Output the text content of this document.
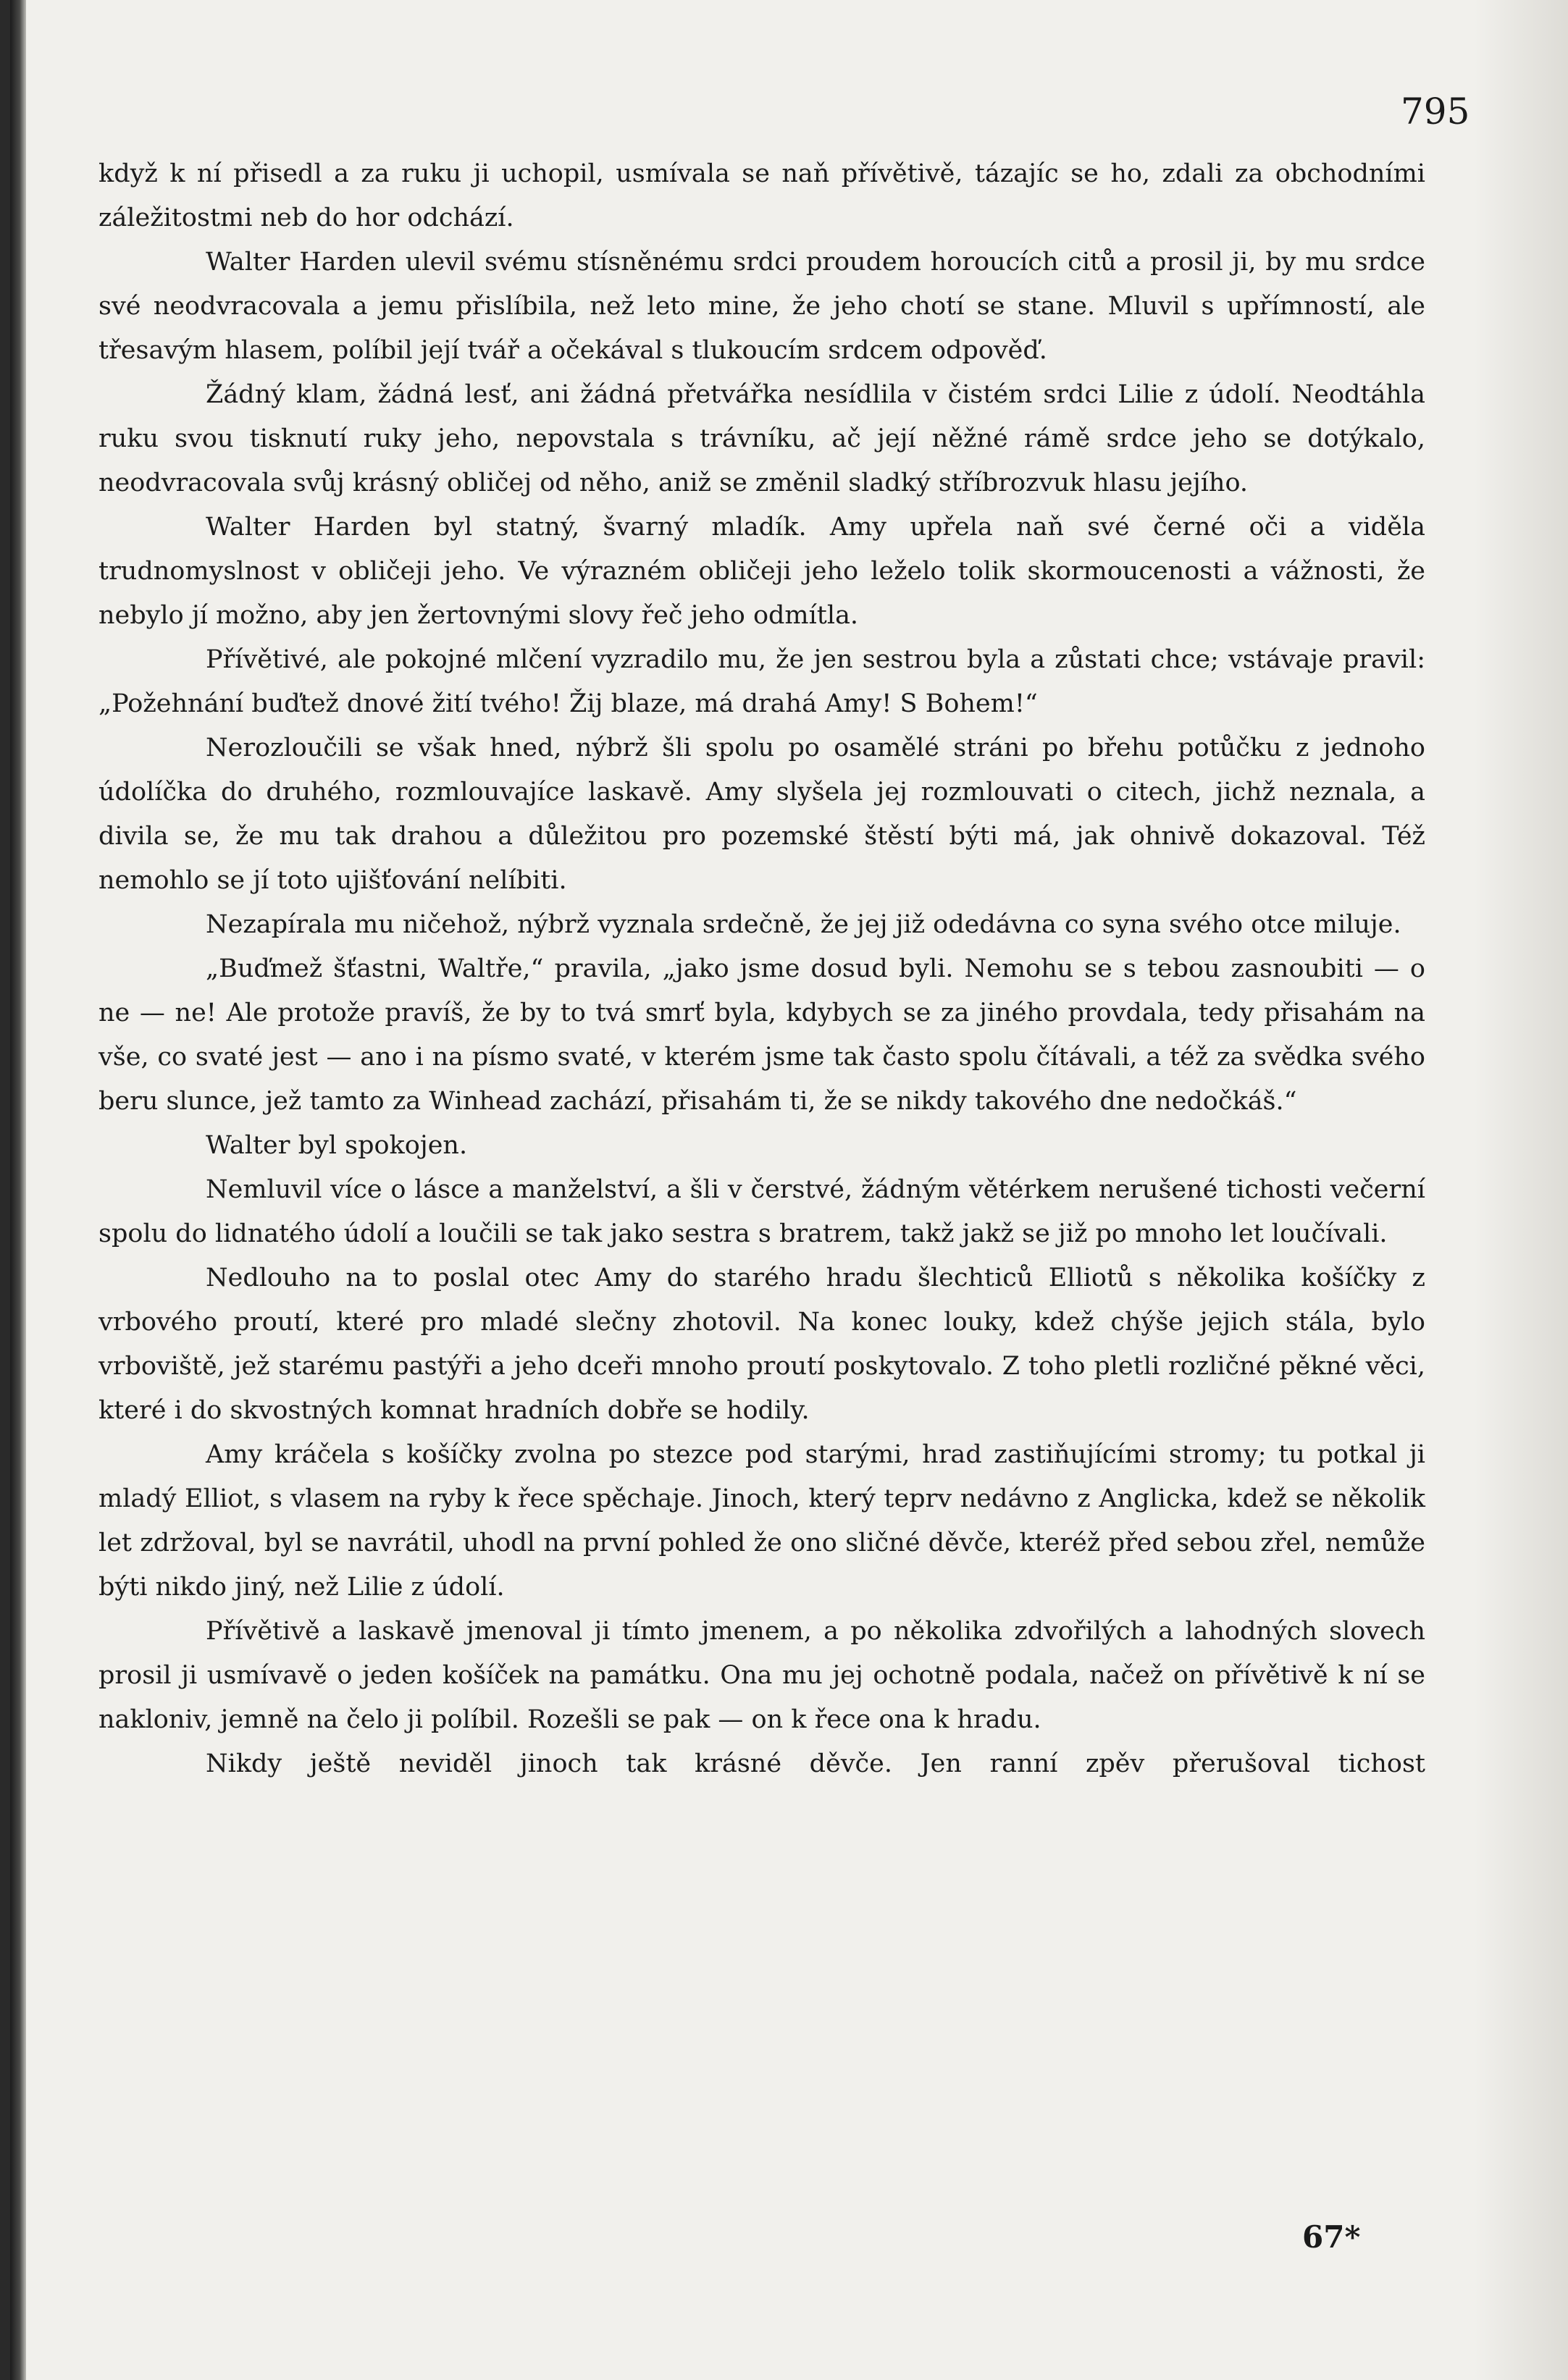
795

když k ní přisedl a za ruku ji uchopil, usmívala se naň přívětivě, tázajíc se ho, zdali za obchodními záležitostmi neb do hor odchází.

Walter Harden ulevil svému stísněnému srdci proudem horoucích citů a prosil ji, by mu srdce své neodvracovala a jemu přislíbila, než leto mine, že jeho chotí se stane. Mluvil s upřímností, ale třesavým hlasem, políbil její tvář a očekával s tlukoucím srdcem odpověď.

Žádný klam, žádná lesť, ani žádná přetvářka nesídlila v čistém srdci Lilie z údolí. Neodtáhla ruku svou tisknutí ruky jeho, nepovstala s trávníku, ač její něžné rámě srdce jeho se dotýkalo, neodvracovala svůj krásný obličej od něho, aniž se změnil sladký stříbrozvuk hlasu jejího.

Walter Harden byl statný, švarný mladík. Amy upřela naň své černé oči a viděla trudnomyslnost v obličeji jeho. Ve výrazném obličeji jeho leželo tolik skormoucenosti a vážnosti, že nebylo jí možno, aby jen žertovnými slovy řeč jeho odmítla.

Přívětivé, ale pokojné mlčení vyzradilo mu, že jen sestrou byla a zůstati chce; vstávaje pravil: „Požehnání buďtež dnové žití tvého! Žij blaze, má drahá Amy! S Bohem!“

Nerozloučili se však hned, nýbrž šli spolu po osamělé stráni po břehu potůčku z jednoho údolíčka do druhého, rozmlouvajíce laskavě. Amy slyšela jej rozmlouvati o citech, jichž neznala, a divila se, že mu tak drahou a důležitou pro pozemské štěstí býti má, jak ohnivě dokazoval. Též nemohlo se jí toto ujišťování nelíbiti.

Nezapírala mu ničehož, nýbrž vyznala srdečně, že jej již odedávna co syna svého otce miluje.

„Buďmež šťastni, Waltře,“ pravila, „jako jsme dosud byli. Nemohu se s tebou zasnoubiti — o ne — ne! Ale protože pravíš, že by to tvá smrť byla, kdybych se za jiného provdala, tedy přisahám na vše, co svaté jest — ano i na písmo svaté, v kterém jsme tak často spolu čítávali, a též za svědka svého beru slunce, jež tamto za Winhead zachází, přisahám ti, že se nikdy takového dne nedočkáš.“

Walter byl spokojen.

Nemluvil více o lásce a manželství, a šli v čerstvé, žádným větérkem nerušené tichosti večerní spolu do lidnatého údolí a loučili se tak jako sestra s bratrem, takž jakž se již po mnoho let loučívali.

Nedlouho na to poslal otec Amy do starého hradu šlechticů Elliotů s několika košíčky z vrbového proutí, které pro mladé slečny zhotovil. Na konec louky, kdež chýše jejich stála, bylo vrboviště, jež starému pastýři a jeho dceři mnoho proutí poskytovalo. Z toho pletli rozličné pěkné věci, které i do skvostných komnat hradních dobře se hodily.

Amy kráčela s košíčky zvolna po stezce pod starými, hrad zastiňujícími stromy; tu potkal ji mladý Elliot, s vlasem na ryby k řece spěchaje. Jinoch, který teprv nedávno z Anglicka, kdež se několik let zdržoval, byl se navrátil, uhodl na první pohled že ono sličné děvče, kteréž před sebou zřel, nemůže býti nikdo jiný, než Lilie z údolí.

Přívětivě a laskavě jmenoval ji tímto jmenem, a po několika zdvořilých a lahodných slovech prosil ji usmívavě o jeden košíček na památku. Ona mu jej ochotně podala, načež on přívětivě k ní se nakloniv, jemně na čelo ji políbil. Rozešli se pak — on k řece ona k hradu.

Nikdy ještě neviděl jinoch tak krásné děvče. Jen ranní zpěv přerušoval tichost

67*
